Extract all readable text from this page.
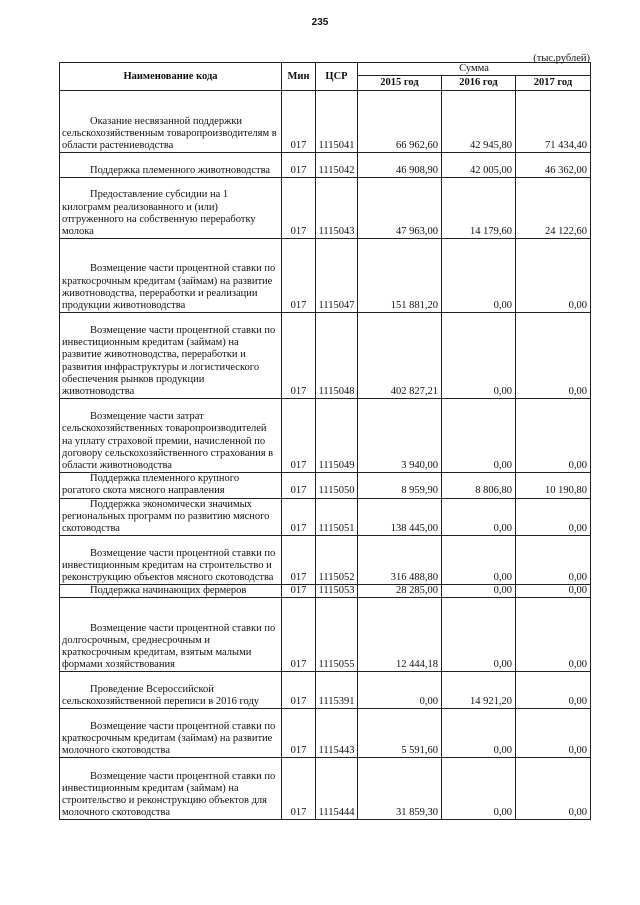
235
(тыс.рублей)
Наименование кода	Мин	ЦСР	Сумма		
			2015 год	2016 год	2017 год
Оказание несвязанной поддержки сельскохозяйственным товаропроизводителям в области растениеводства	017	1115041	66 962,60	42 945,80	71 434,40
Поддержка племенного животноводства	017	1115042	46 908,90	42 005,00	46 362,00
Предоставление субсидии на 1 килограмм реализованного и (или) отгруженного на собственную переработку молока	017	1115043	47 963,00	14 179,60	24 122,60
Возмещение части процентной ставки по краткосрочным кредитам (займам) на развитие животноводства, переработки и реализации продукции животноводства	017	1115047	151 881,20	0,00	0,00
Возмещение части процентной ставки по инвестиционным кредитам (займам) на развитие животноводства, переработки и развития инфраструктуры и логистического обеспечения рынков продукции животноводства	017	1115048	402 827,21	0,00	0,00
Возмещение части затрат сельскохозяйственных товаропроизводителей на уплату страховой премии, начисленной по договору сельскохозяйственного страхования в области животноводства	017	1115049	3 940,00	0,00	0,00
Поддержка племенного крупного рогатого скота мясного направления	017	1115050	8 959,90	8 806,80	10 190,80
Поддержка экономически значимых региональных программ по развитию мясного скотоводства	017	1115051	138 445,00	0,00	0,00
Возмещение части процентной ставки по инвестиционным кредитам на строительство и реконструкцию объектов мясного скотоводства	017	1115052	316 488,80	0,00	0,00
Поддержка начинающих фермеров	017	1115053	28 285,00	0,00	0,00
Возмещение части процентной ставки по долгосрочным, среднесрочным и краткосрочным кредитам, взятым малыми формами хозяйствования	017	1115055	12 444,18	0,00	0,00
Проведение Всероссийской сельскохозяйственной переписи в 2016 году	017	1115391	0,00	14 921,20	0,00
Возмещение части процентной ставки по краткосрочным кредитам (займам) на развитие молочного скотоводства	017	1115443	5 591,60	0,00	0,00
Возмещение части процентной ставки по инвестиционным кредитам (займам) на строительство и реконструкцию объектов для молочного скотоводства	017	1115444	31 859,30	0,00	0,00
